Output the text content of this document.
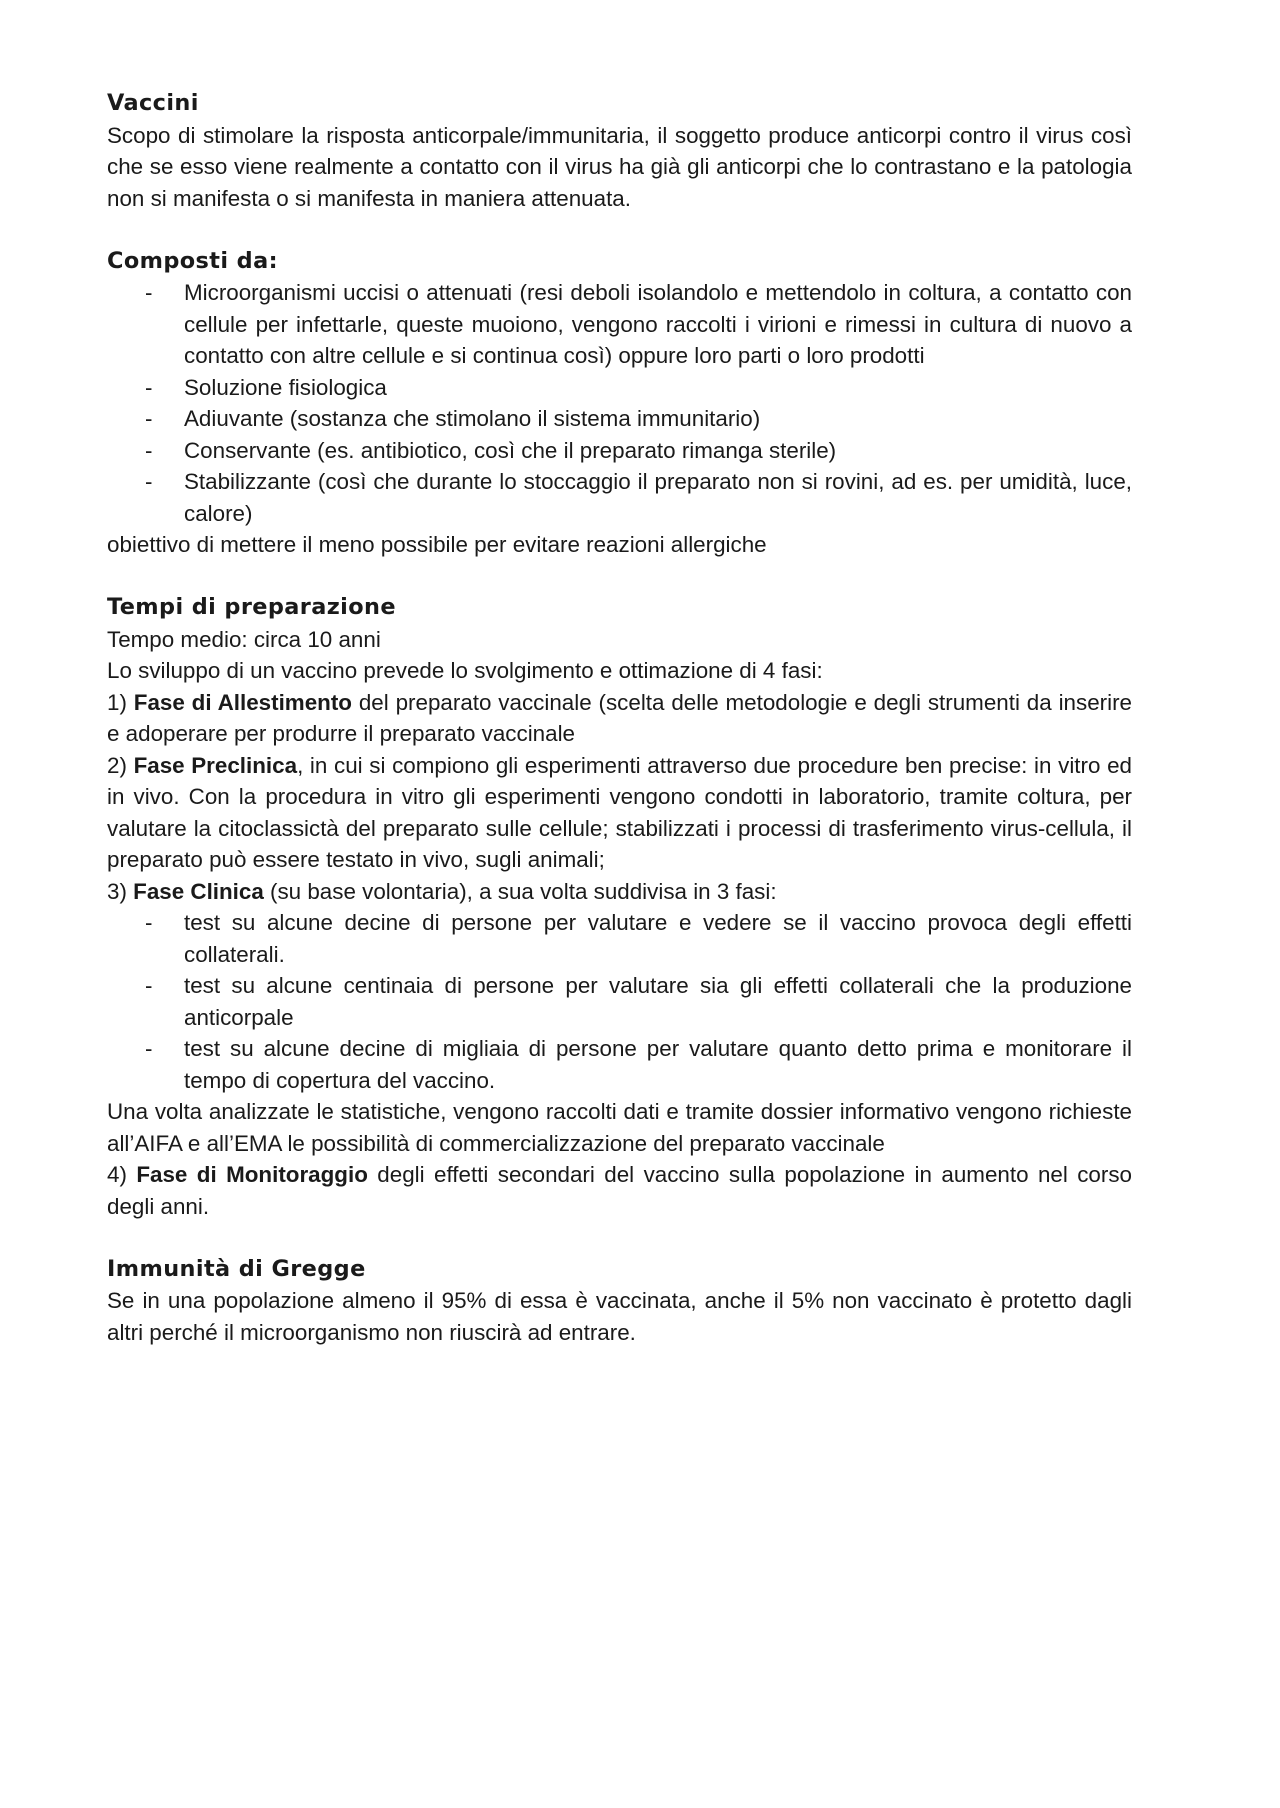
Vaccini

Scopo di stimolare la risposta anticorpale/immunitaria, il soggetto produce anticorpi contro il virus così che se esso viene realmente a contatto con il virus ha già gli anticorpi che lo contrastano e la patologia non si manifesta o si manifesta in maniera attenuata.

Composti da:
- Microorganismi uccisi o attenuati (resi deboli isolandolo e mettendolo in coltura, a contatto con cellule per infettarle, queste muoiono, vengono raccolti i virioni e rimessi in cultura di nuovo a contatto con altre cellule e si continua così) oppure loro parti o loro prodotti
- Soluzione fisiologica
- Adiuvante (sostanza che stimolano il sistema immunitario)
- Conservante (es. antibiotico, così che il preparato rimanga sterile)
- Stabilizzante (così che durante lo stoccaggio il preparato non si rovini, ad es. per umidità, luce, calore)

obiettivo di mettere il meno possibile per evitare reazioni allergiche

Tempi di preparazione

Tempo medio: circa 10 anni

Lo sviluppo di un vaccino prevede lo svolgimento e ottimazione di 4 fasi:

1) Fase di Allestimento del preparato vaccinale (scelta delle metodologie e degli strumenti da inserire e adoperare per produrre il preparato vaccinale

2) Fase Preclinica, in cui si compiono gli esperimenti attraverso due procedure ben precise: in vitro ed in vivo. Con la procedura in vitro gli esperimenti vengono condotti in laboratorio, tramite coltura, per valutare la citoclassictà del preparato sulle cellule; stabilizzati i processi di trasferimento virus-cellula, il preparato può essere testato in vivo, sugli animali;

3) Fase Clinica (su base volontaria), a sua volta suddivisa in 3 fasi:

- test su alcune decine di persone per valutare e vedere se il vaccino provoca degli effetti collaterali.
- test su alcune centinaia di persone per valutare sia gli effetti collaterali che la produzione anticorpale
- test su alcune decine di migliaia di persone per valutare quanto detto prima e monitorare il tempo di copertura del vaccino.

Una volta analizzate le statistiche, vengono raccolti dati e tramite dossier informativo vengono richieste all’AIFA e all’EMA le possibilità di commercializzazione del preparato vaccinale

4) Fase di Monitoraggio degli effetti secondari del vaccino sulla popolazione in aumento nel corso degli anni.

Immunità di Gregge

Se in una popolazione almeno il 95% di essa è vaccinata, anche il 5% non vaccinato è protetto dagli altri perché il microorganismo non riuscirà ad entrare.
